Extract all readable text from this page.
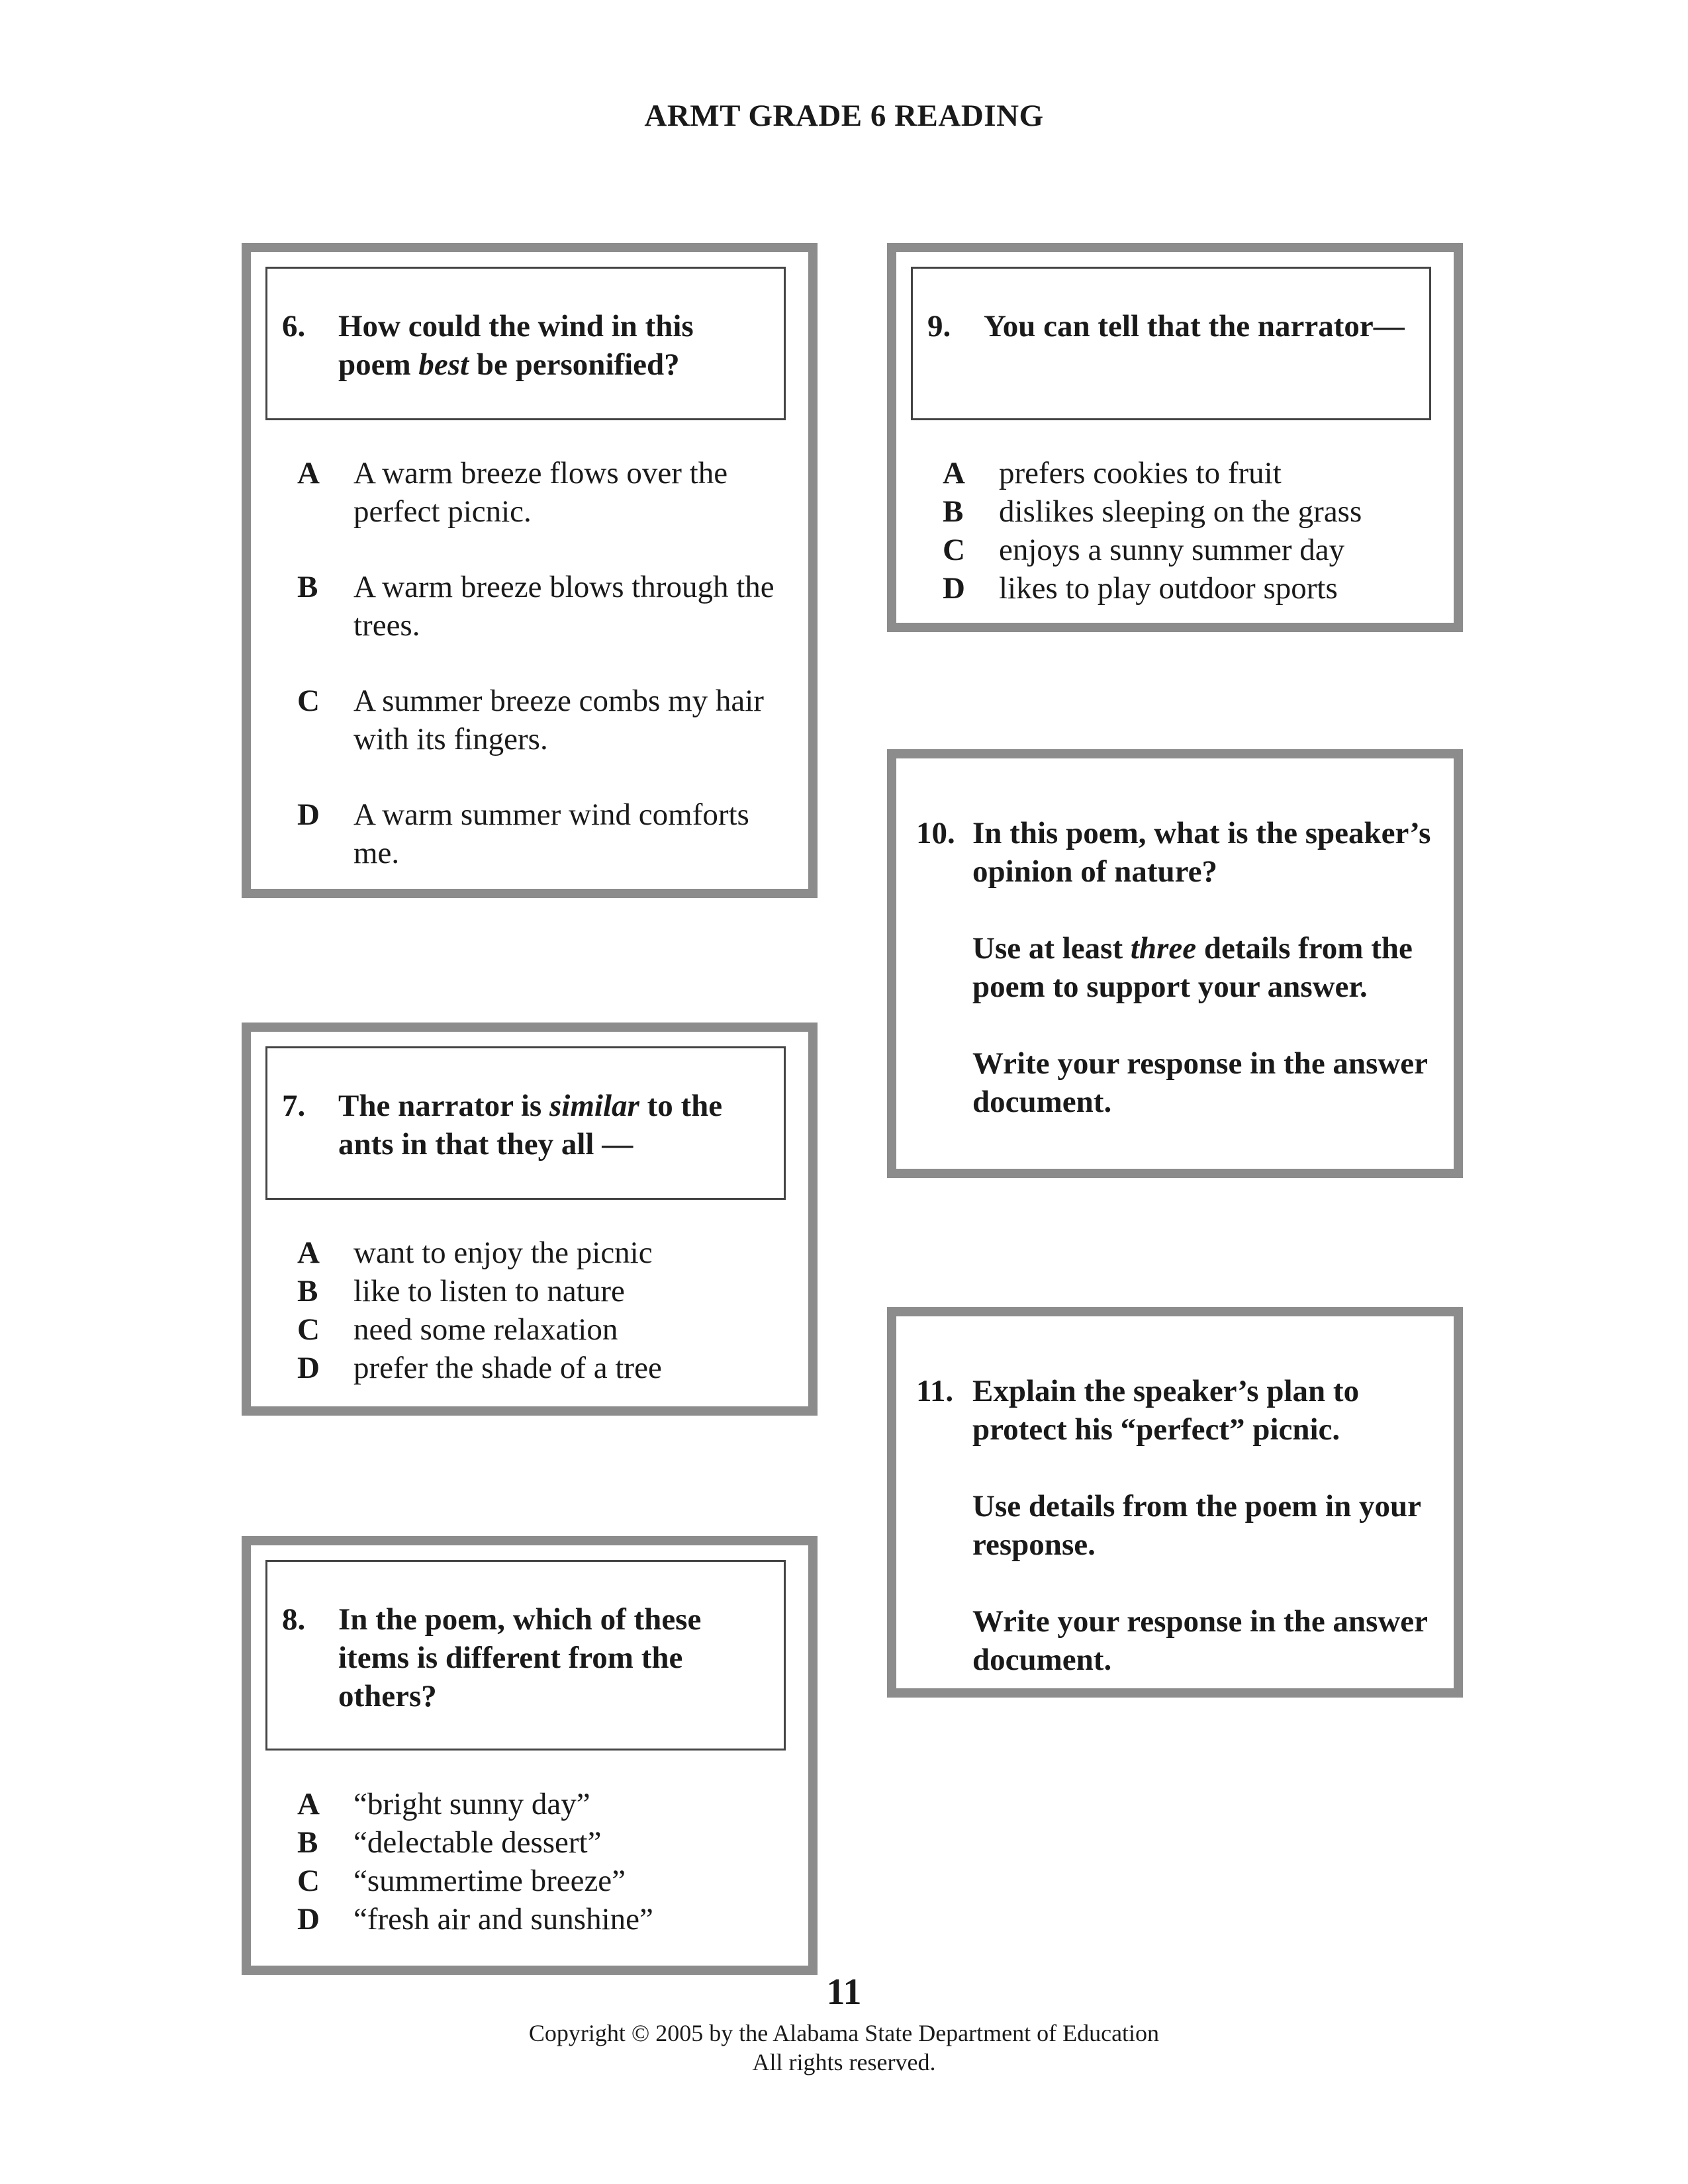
ARMT GRADE 6 READING
6. How could the wind in this poem best be personified?
A A warm breeze flows over the perfect picnic.
B A warm breeze blows through the trees.
C A summer breeze combs my hair with its fingers.
D A warm summer wind comforts me.
7. The narrator is similar to the ants in that they all —
A want to enjoy the picnic
B like to listen to nature
C need some relaxation
D prefer the shade of a tree
8. In the poem, which of these items is different from the others?
A “bright sunny day”
B “delectable dessert”
C “summertime breeze”
D “fresh air and sunshine”
9. You can tell that the narrator—
A prefers cookies to fruit
B dislikes sleeping on the grass
C enjoys a sunny summer day
D likes to play outdoor sports
10. In this poem, what is the speaker’s opinion of nature?
Use at least three details from the poem to support your answer.
Write your response in the answer document.
11. Explain the speaker’s plan to protect his “perfect” picnic.
Use details from the poem in your response.
Write your response in the answer document.
11
Copyright © 2005 by the Alabama State Department of Education
All rights reserved.
